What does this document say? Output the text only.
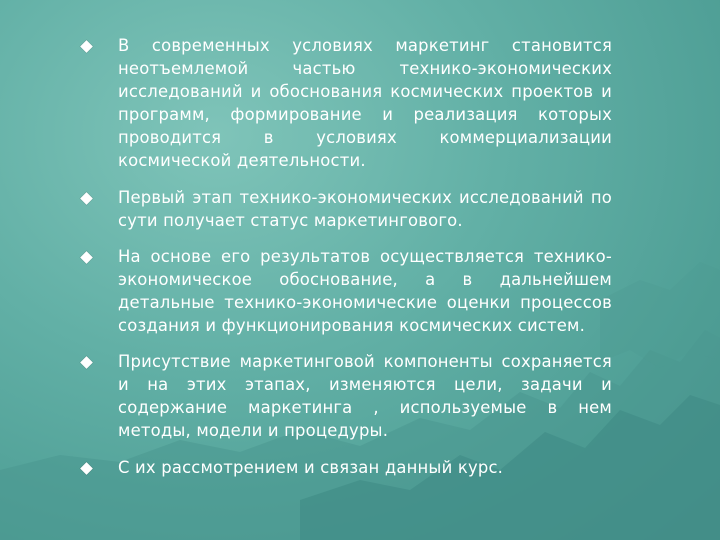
В современных условиях маркетинг становится неотъемлемой частью технико-экономических исследований и обоснования космических проектов и программ, формирование и реализация которых проводится в условиях коммерциализации космической деятельности.
Первый этап технико-экономических исследований по сути получает статус маркетингового.
На основе его результатов осуществляется технико-экономическое обоснование, а в дальнейшем детальные технико-экономические оценки процессов создания и функционирования космических систем.
Присутствие маркетинговой компоненты сохраняется и на этих этапах, изменяются цели, задачи и содержание маркетинга , используемые в нем методы, модели и процедуры.
С их рассмотрением и связан данный курс.
